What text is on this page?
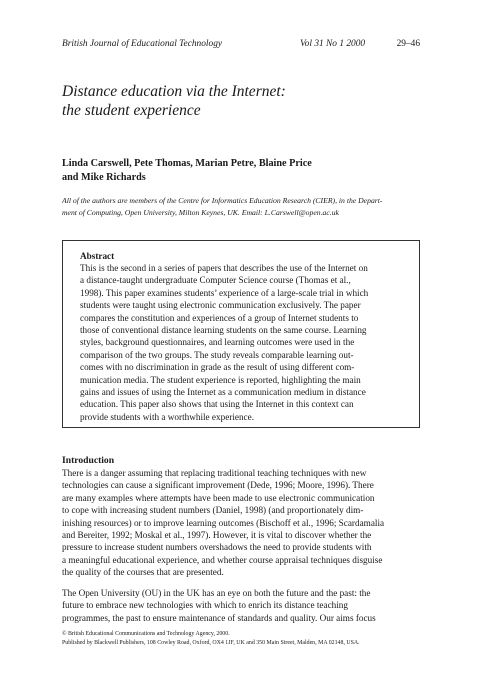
British Journal of Educational Technology	Vol 31 No 1 2000	29–46
Distance education via the Internet:
the student experience
Linda Carswell, Pete Thomas, Marian Petre, Blaine Price
and Mike Richards
All of the authors are members of the Centre for Informatics Education Research (CIER), in the Depart-
ment of Computing, Open University, Milton Keynes, UK. Email: L.Carswell@open.ac.uk
Abstract
This is the second in a series of papers that describes the use of the Internet on
a distance-taught undergraduate Computer Science course (Thomas et al.,
1998). This paper examines students’ experience of a large-scale trial in which
students were taught using electronic communication exclusively. The paper
compares the constitution and experiences of a group of Internet students to
those of conventional distance learning students on the same course. Learning
styles, background questionnaires, and learning outcomes were used in the
comparison of the two groups. The study reveals comparable learning out-
comes with no discrimination in grade as the result of using different com-
munication media. The student experience is reported, highlighting the main
gains and issues of using the Internet as a communication medium in distance
education. This paper also shows that using the Internet in this context can
provide students with a worthwhile experience.
Introduction
There is a danger assuming that replacing traditional teaching techniques with new
technologies can cause a significant improvement (Dede, 1996; Moore, 1996). There
are many examples where attempts have been made to use electronic communication
to cope with increasing student numbers (Daniel, 1998) (and proportionately dim-
inishing resources) or to improve learning outcomes (Bischoff et al., 1996; Scardamalia
and Bereiter, 1992; Moskal et al., 1997). However, it is vital to discover whether the
pressure to increase student numbers overshadows the need to provide students with
a meaningful educational experience, and whether course appraisal techniques disguise
the quality of the courses that are presented.
The Open University (OU) in the UK has an eye on both the future and the past: the
future to embrace new technologies with which to enrich its distance teaching
programmes, the past to ensure maintenance of standards and quality. Our aims focus
© British Educational Communications and Technology Agency, 2000.
Published by Blackwell Publishers, 108 Cowley Road, Oxford, OX4 1JF, UK and 350 Main Street, Malden, MA 02148, USA.
